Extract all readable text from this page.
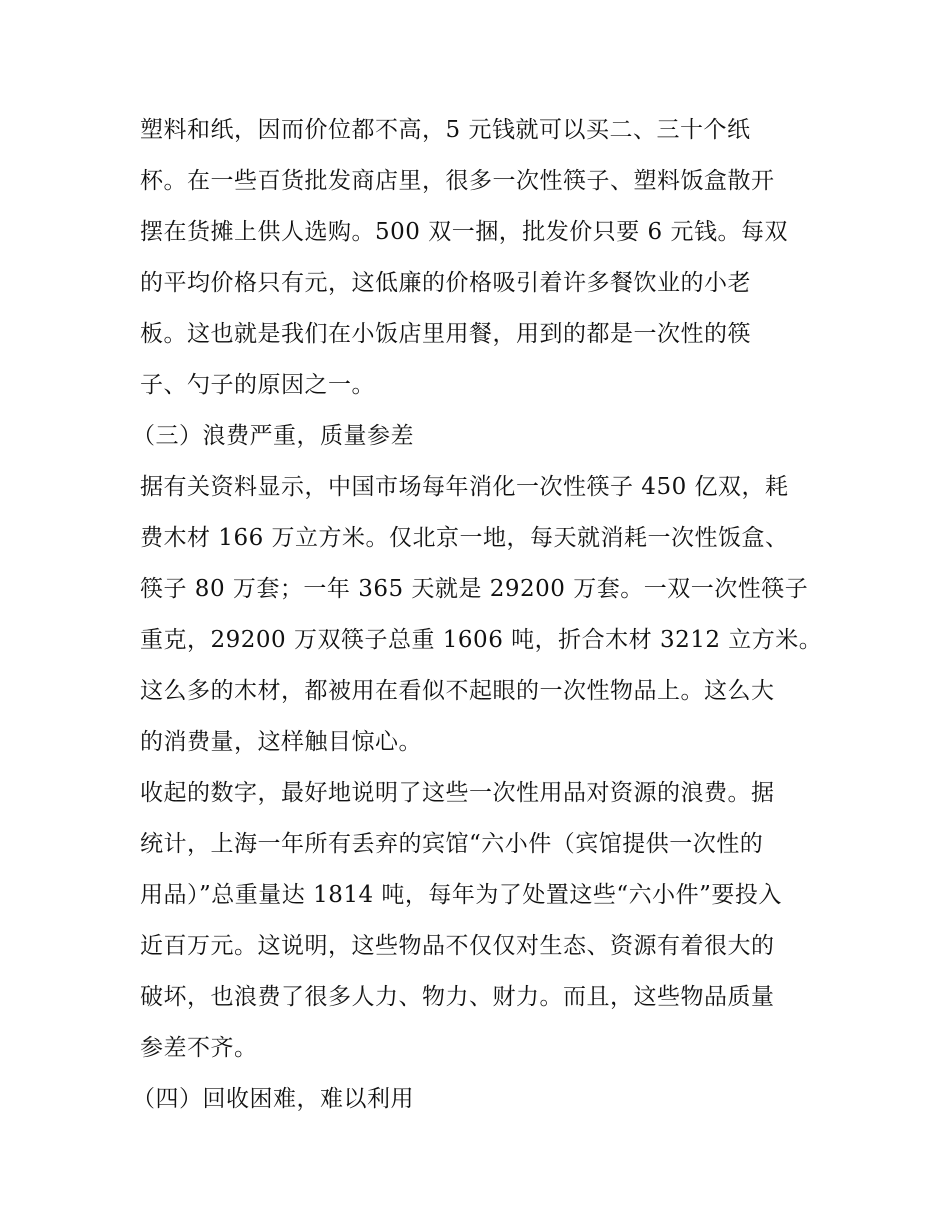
塑料和纸，因而价位都不高，5 元钱就可以买二、三十个纸
杯。在一些百货批发商店里，很多一次性筷子、塑料饭盒散开
摆在货摊上供人选购。500 双一捆，批发价只要 6 元钱。每双
的平均价格只有元，这低廉的价格吸引着许多餐饮业的小老
板。这也就是我们在小饭店里用餐，用到的都是一次性的筷
子、勺子的原因之一。
（三）浪费严重，质量参差
据有关资料显示，中国市场每年消化一次性筷子 450 亿双，耗
费木材 166 万立方米。仅北京一地，每天就消耗一次性饭盒、
筷子 80 万套；一年 365 天就是 29200 万套。一双一次性筷子
重克，29200 万双筷子总重 1606 吨，折合木材 3212 立方米。
这么多的木材，都被用在看似不起眼的一次性物品上。这么大
的消费量，这样触目惊心。
收起的数字，最好地说明了这些一次性用品对资源的浪费。据
统计，上海一年所有丢弃的宾馆“六小件（宾馆提供一次性的
用品）”总重量达 1814 吨，每年为了处置这些“六小件”要投入
近百万元。这说明，这些物品不仅仅对生态、资源有着很大的
破坏，也浪费了很多人力、物力、财力。而且，这些物品质量
参差不齐。
（四）回收困难，难以利用
